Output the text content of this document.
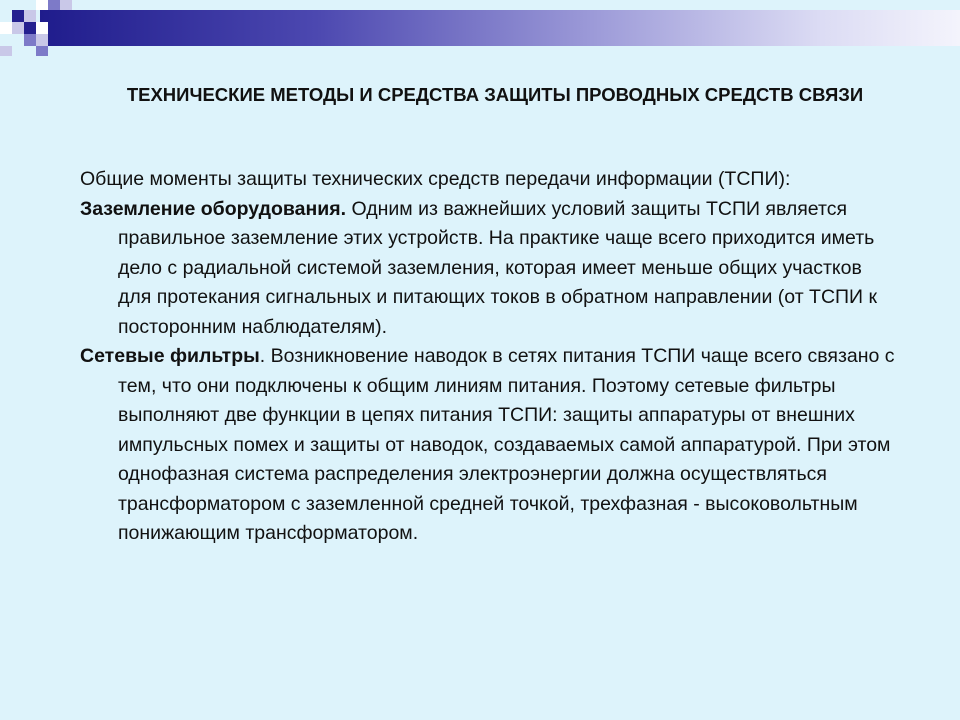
ТЕХНИЧЕСКИЕ МЕТОДЫ И СРЕДСТВА ЗАЩИТЫ ПРОВОДНЫХ СРЕДСТВ СВЯЗИ

Общие моменты защиты технических средств передачи информации (ТСПИ):

Заземление оборудования. Одним из важнейших условий защиты ТСПИ является правильное заземление этих устройств. На практике чаще всего приходится иметь дело с радиальной системой заземления, которая имеет меньше общих участков для протекания сигнальных и питающих токов в обратном направлении (от ТСПИ к посторонним наблюдателям).

Сетевые фильтры. Возникновение наводок в сетях питания ТСПИ чаще всего связано с тем, что они подключены к общим линиям питания. Поэтому сетевые фильтры выполняют две функции в цепях питания ТСПИ: защиты аппаратуры от внешних импульсных помех и защиты от наводок, создаваемых самой аппаратурой. При этом однофазная система распределения электроэнергии должна осуществляться трансформатором с заземленной средней точкой, трехфазная - высоковольтным понижающим трансформатором.
